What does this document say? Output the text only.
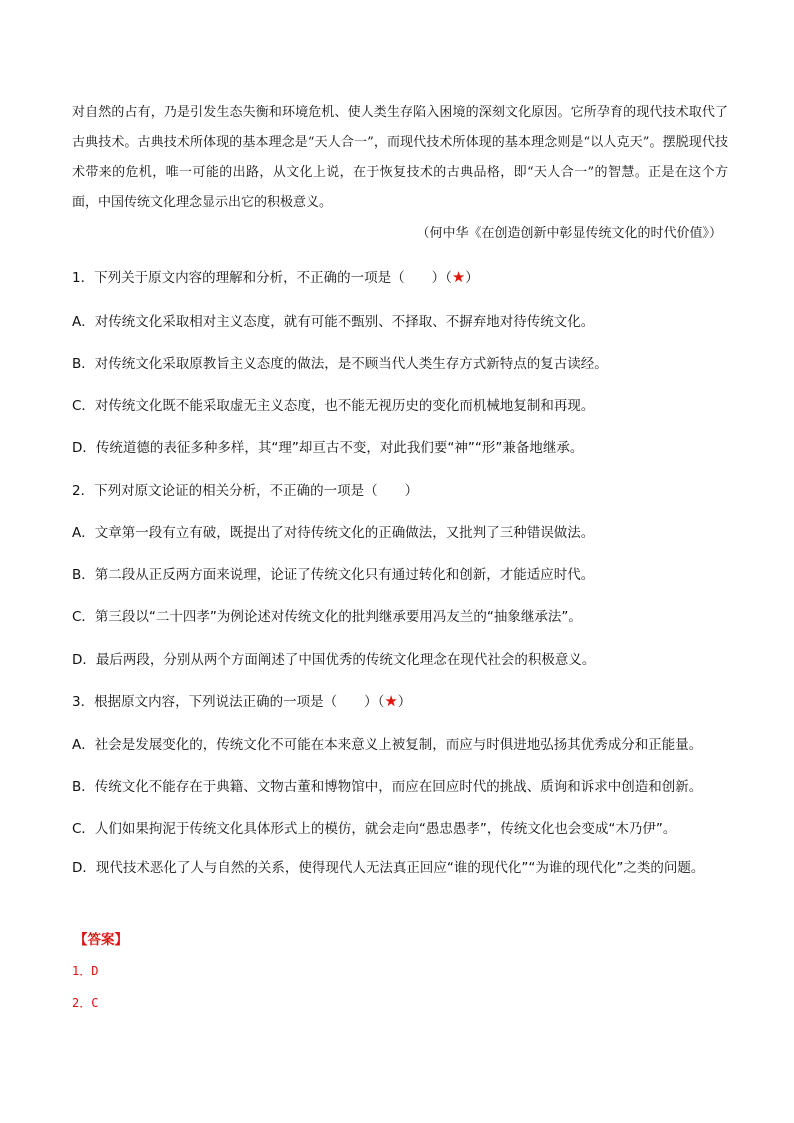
对自然的占有，乃是引发生态失衡和环境危机、使人类生存陷入困境的深刻文化原因。它所孕育的现代技术取代了古典技术。古典技术所体现的基本理念是“天人合一”，而现代技术所体现的基本理念则是“以人克天”。摆脱现代技术带来的危机，唯一可能的出路，从文化上说，在于恢复技术的古典品格，即“天人合一”的智慧。正是在这个方面，中国传统文化理念显示出它的积极意义。

（何中华《在创造创新中彰显传统文化的时代价值》）
1．下列关于原文内容的理解和分析，不正确的一项是（　　）（★）
A．对传统文化采取相对主义态度，就有可能不甄别、不择取、不摒弃地对待传统文化。
B．对传统文化采取原教旨主义态度的做法，是不顾当代人类生存方式新特点的复古读经。
C．对传统文化既不能采取虚无主义态度，也不能无视历史的变化而机械地复制和再现。
D．传统道德的表征多种多样，其“理”却亘古不变，对此我们要“神”“形”兼备地继承。
2．下列对原文论证的相关分析，不正确的一项是（　　）
A．文章第一段有立有破，既提出了对待传统文化的正确做法，又批判了三种错误做法。
B．第二段从正反两方面来说理，论证了传统文化只有通过转化和创新，才能适应时代。
C．第三段以“二十四孝”为例论述对传统文化的批判继承要用冯友兰的“抽象继承法”。
D．最后两段，分别从两个方面阐述了中国优秀的传统文化理念在现代社会的积极意义。
3．根据原文内容，下列说法正确的一项是（　　）（★）
A．社会是发展变化的，传统文化不可能在本来意义上被复制，而应与时俱进地弘扬其优秀成分和正能量。
B．传统文化不能存在于典籍、文物古董和博物馆中，而应在回应时代的挑战、质询和诉求中创造和创新。
C．人们如果拘泥于传统文化具体形式上的模仿，就会走向“愚忠愚孝”，传统文化也会变成“木乃伊”。
D．现代技术恶化了人与自然的关系，使得现代人无法真正回应“谁的现代化”“为谁的现代化”之类的问题。
【答案】
1．D
2．C
